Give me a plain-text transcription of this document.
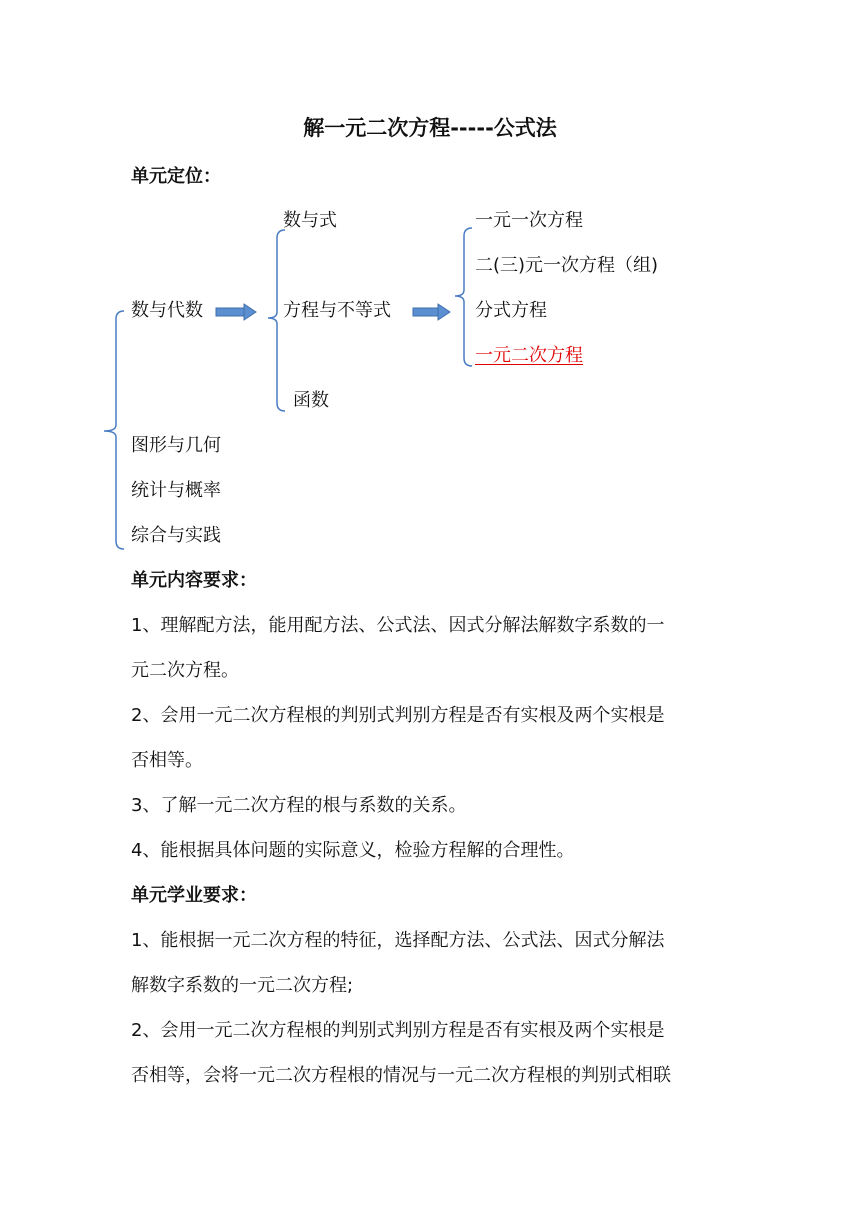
解一元二次方程-----公式法
单元定位：
数与代数
图形与几何
统计与概率
综合与实践
数与式
方程与不等式
函数
一元一次方程
二(三)元一次方程（组)
分式方程
一元二次方程
单元内容要求：
1、理解配方法，能用配方法、公式法、因式分解法解数字系数的一
元二次方程。
2、会用一元二次方程根的判别式判别方程是否有实根及两个实根是
否相等。
3、了解一元二次方程的根与系数的关系。
4、能根据具体问题的实际意义，检验方程解的合理性。
单元学业要求：
1、能根据一元二次方程的特征，选择配方法、公式法、因式分解法
解数字系数的一元二次方程;
2、会用一元二次方程根的判别式判别方程是否有实根及两个实根是
否相等，会将一元二次方程根的情况与一元二次方程根的判别式相联
